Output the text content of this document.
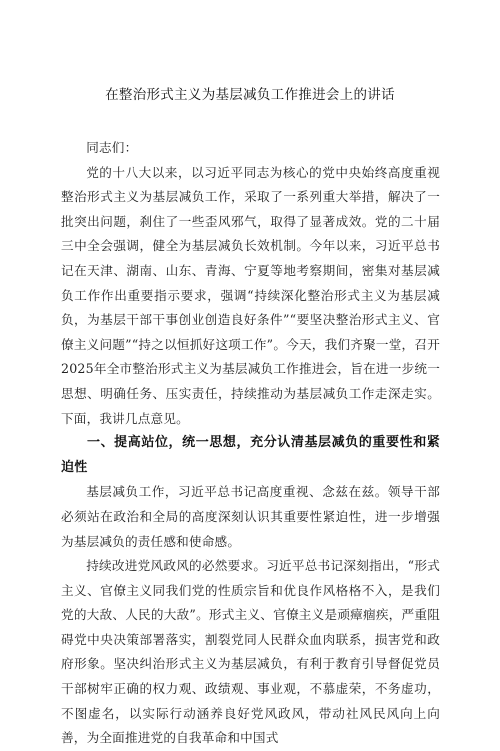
在整治形式主义为基层减负工作推进会上的讲话

同志们：

党的十八大以来，以习近平同志为核心的党中央始终高度重视整治形式主义为基层减负工作，采取了一系列重大举措，解决了一批突出问题，刹住了一些歪风邪气，取得了显著成效。党的二十届三中全会强调，健全为基层减负长效机制。今年以来，习近平总书记在天津、湖南、山东、青海、宁夏等地考察期间，密集对基层减负工作作出重要指示要求，强调“持续深化整治形式主义为基层减负，为基层干部干事创业创造良好条件”“要坚决整治形式主义、官僚主义问题”“持之以恒抓好这项工作”。今天，我们齐聚一堂，召开2025年全市整治形式主义为基层减负工作推进会，旨在进一步统一思想、明确任务、压实责任，持续推动为基层减负工作走深走实。下面，我讲几点意见。

一、提高站位，统一思想，充分认清基层减负的重要性和紧迫性

基层减负工作，习近平总书记高度重视、念兹在兹。领导干部必须站在政治和全局的高度深刻认识其重要性紧迫性，进一步增强为基层减负的责任感和使命感。

持续改进党风政风的必然要求。习近平总书记深刻指出，“形式主义、官僚主义同我们党的性质宗旨和优良作风格格不入，是我们党的大敌、人民的大敌”。形式主义、官僚主义是顽瘴痼疾，严重阻碍党中央决策部署落实，割裂党同人民群众血肉联系，损害党和政府形象。坚决纠治形式主义为基层减负，有利于教育引导督促党员干部树牢正确的权力观、政绩观、事业观，不慕虚荣，不务虚功，不图虚名，以实际行动涵养良好党风政风，带动社风民风向上向善，为全面推进党的自我革命和中国式
